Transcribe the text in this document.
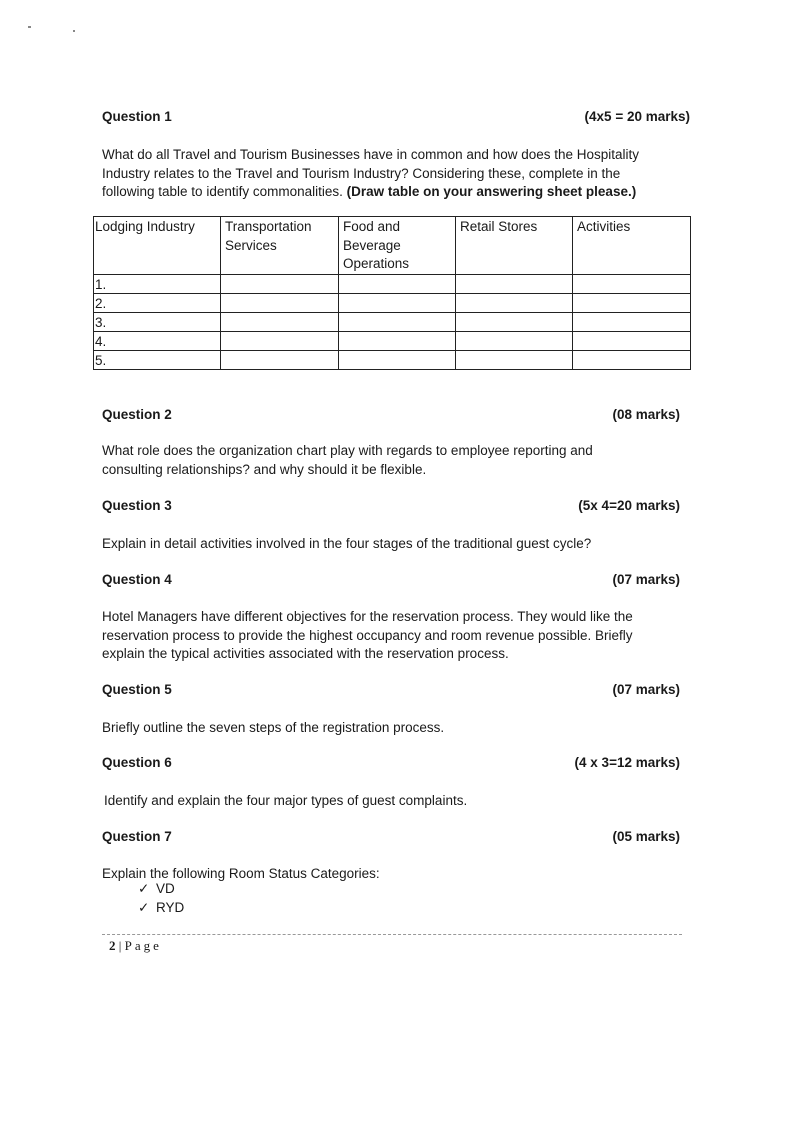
Question 1	(4x5 = 20 marks)
What do all Travel and Tourism Businesses have in common and how does the Hospitality Industry relates to the Travel and Tourism Industry? Considering these, complete in the following table to identify commonalities. (Draw table on your answering sheet please.)
Lodging Industry	Transportation Services	Food and Beverage Operations	Retail Stores	Activities
1.				
2.				
3.				
4.				
5.				
Question 2	(08 marks)
What role does the organization chart play with regards to employee reporting and consulting relationships? and why should it be flexible.
Question 3	(5x 4=20 marks)
Explain in detail activities involved in the four stages of the traditional guest cycle?
Question 4	(07 marks)
Hotel Managers have different objectives for the reservation process. They would like the reservation process to provide the highest occupancy and room revenue possible. Briefly explain the typical activities associated with the reservation process.
Question 5	(07 marks)
Briefly outline the seven steps of the registration process.
Question 6	(4 x 3=12 marks)
Identify and explain the four major types of guest complaints.
Question 7	(05 marks)
Explain the following Room Status Categories:
✓ VD
✓ RYD
2 | Page
